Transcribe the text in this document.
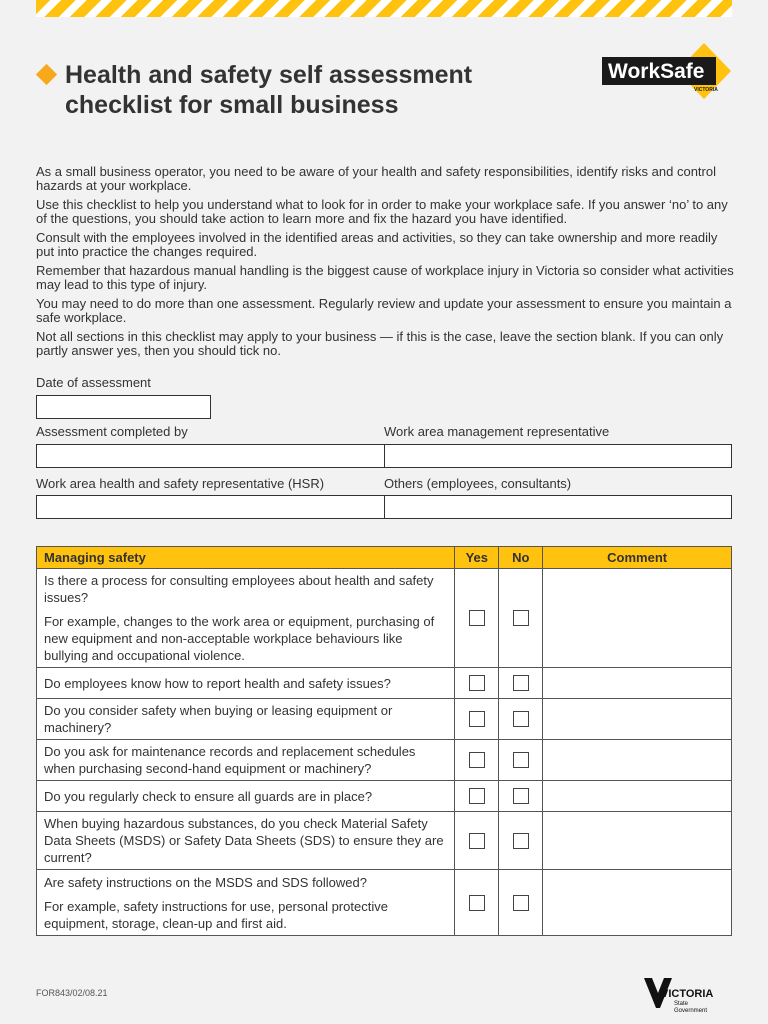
Health and safety self assessment checklist for small business
WorkSafe
VICTORIA

As a small business operator, you need to be aware of your health and safety responsibilities, identify risks and control hazards at your workplace.

Use this checklist to help you understand what to look for in order to make your workplace safe. If you answer ‘no’ to any of the questions, you should take action to learn more and fix the hazard you have identified.

Consult with the employees involved in the identified areas and activities, so they can take ownership and more readily put into practice the changes required.

Remember that hazardous manual handling is the biggest cause of workplace injury in Victoria so consider what activities may lead to this type of injury.

You may need to do more than one assessment. Regularly review and update your assessment to ensure you maintain a safe workplace.

Not all sections in this checklist may apply to your business — if this is the case, leave the section blank. If you can only partly answer yes, then you should tick no.

Date of assessment
Assessment completed by	Work area management representative
Work area health and safety representative (HSR)	Others (employees, consultants)
Managing safety	Yes	No	Comment

Is there a process for consulting employees about health and safety issues?
For example, changes to the work area or equipment, purchasing of new equipment and non-acceptable workplace behaviours like bullying and occupational violence.			

Do employees know how to report health and safety issues?			

Do you consider safety when buying or leasing equipment or machinery?			

Do you ask for maintenance records and replacement schedules when purchasing second-hand equipment or machinery?			

Do you regularly check to ensure all guards are in place?			

When buying hazardous substances, do you check Material Safety Data Sheets (MSDS) or Safety Data Sheets (SDS) to ensure they are current?			

Are safety instructions on the MSDS and SDS followed?
For example, safety instructions for use, personal protective equipment, storage, clean-up and first aid.			

FOR843/02/08.21	VICTORIA
State
Government
